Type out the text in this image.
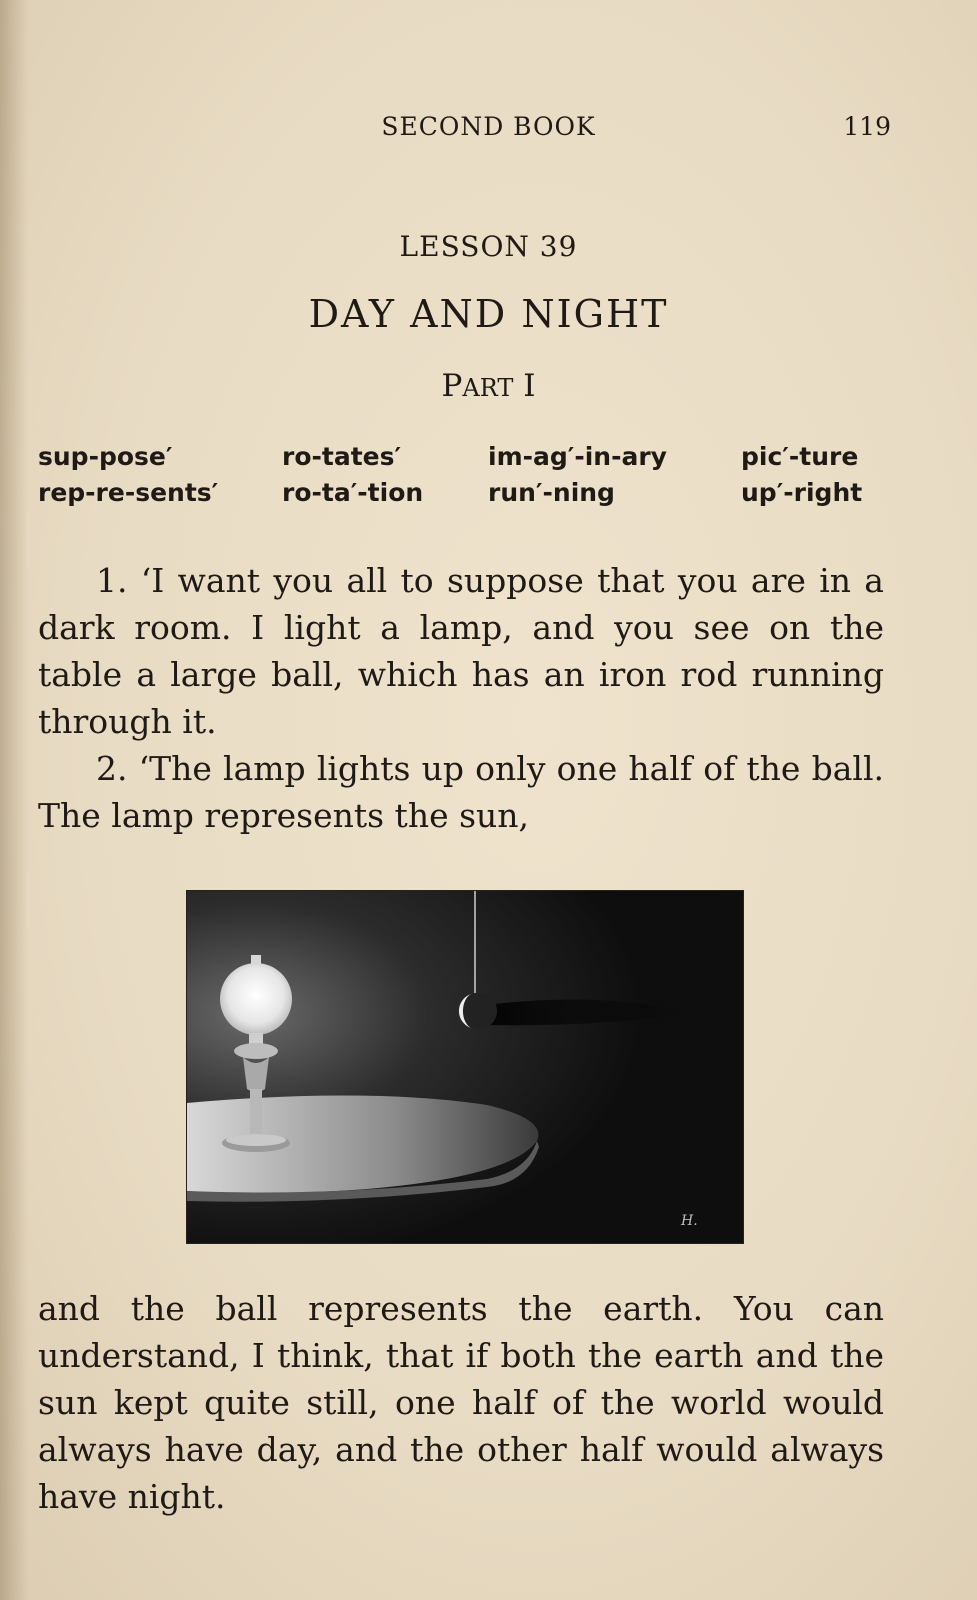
SECOND BOOK	119
LESSON 39
DAY AND NIGHT
PART I
sup-pose′	ro-tates′	im-ag′-in-ary	pic′-ture
rep-re-sents′	ro-ta′-tion	run′-ning	up′-right

1. ‘I want you all to suppose that you are in a dark room. I light a lamp, and you see on the table a large ball, which has an iron rod running through it.

2. ‘The lamp lights up only one half of the ball. The lamp represents the sun,

H.

and the ball represents the earth. You can understand, I think, that if both the earth and the sun kept quite still, one half of the world would always have day, and the other half would always have night.
